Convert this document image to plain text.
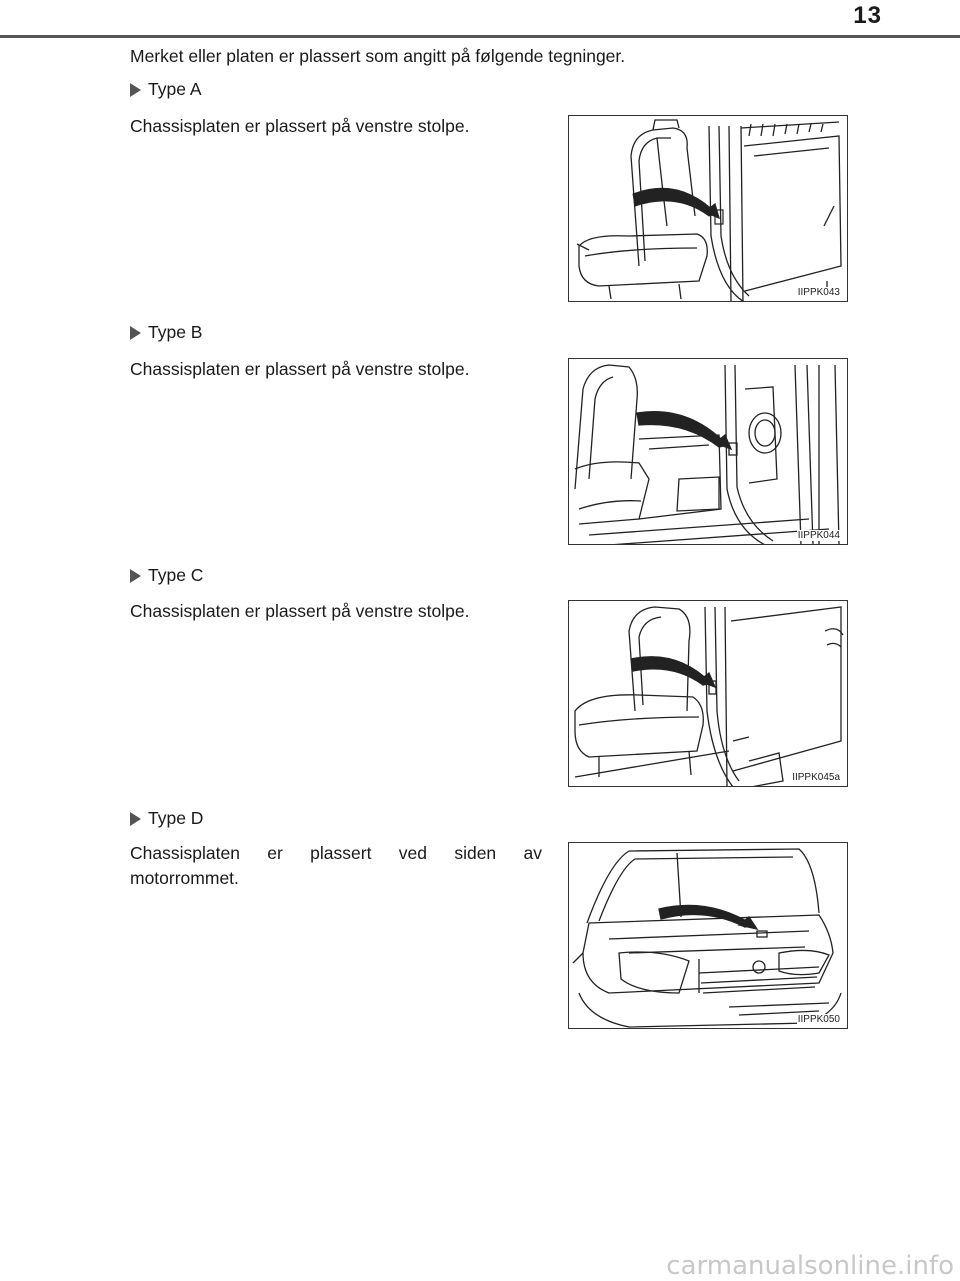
13
Merket eller platen er plassert som angitt på følgende tegninger.
Type A
Chassisplaten er plassert på venstre stolpe.
IIPPK043
Type B
Chassisplaten er plassert på venstre stolpe.
IIPPK044
Type C
Chassisplaten er plassert på venstre stolpe.
IIPPK045a
Type D
Chassisplaten er plassert ved siden av motorrommet.
IIPPK050
carmanualsonline.info
